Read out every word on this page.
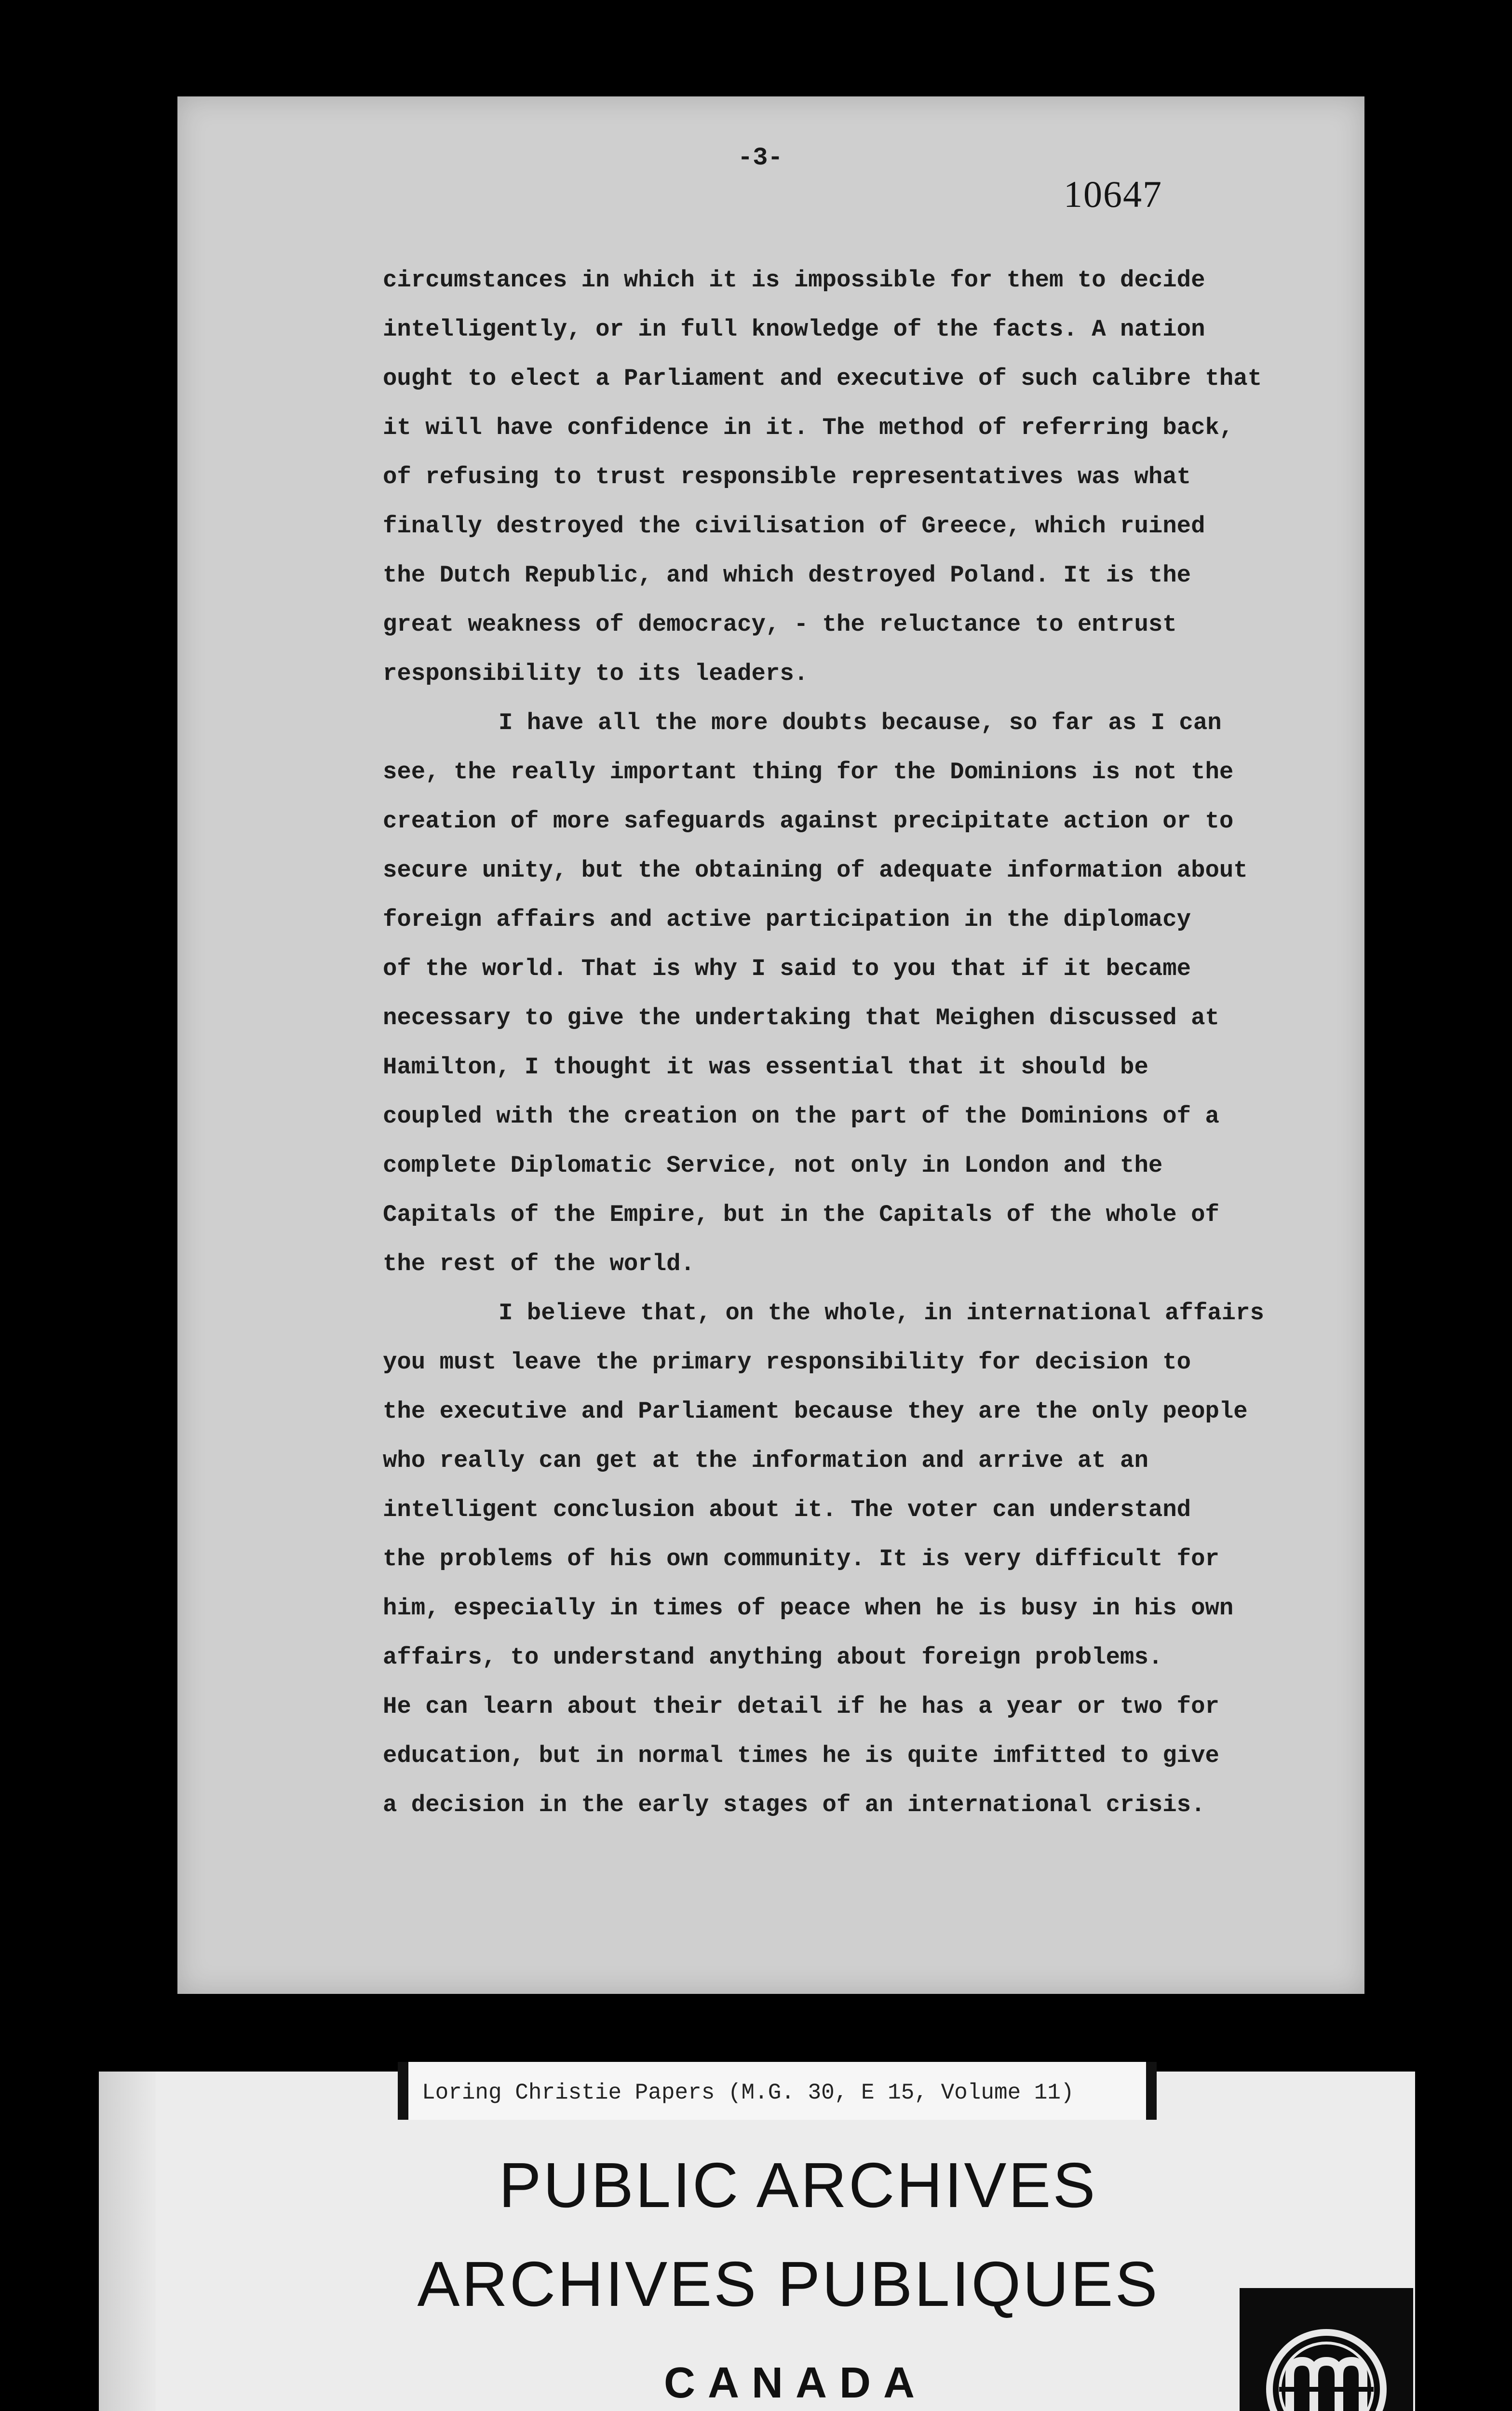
-3-
10647
circumstances in which it is impossible for them to decide
intelligently, or in full knowledge of the facts. A nation
ought to elect a Parliament and executive of such calibre that
it will have confidence in it. The method of referring back,
of refusing to trust responsible representatives was what
finally destroyed the civilisation of Greece, which ruined
the Dutch Republic, and which destroyed Poland. It is the
great weakness of democracy, - the reluctance to entrust
responsibility to its leaders.
I have all the more doubts because, so far as I can
see, the really important thing for the Dominions is not the
creation of more safeguards against precipitate action or to
secure unity, but the obtaining of adequate information about
foreign affairs and active participation in the diplomacy
of the world. That is why I said to you that if it became
necessary to give the undertaking that Meighen discussed at
Hamilton, I thought it was essential that it should be
coupled with the creation on the part of the Dominions of a
complete Diplomatic Service, not only in London and the
Capitals of the Empire, but in the Capitals of the whole of
the rest of the world.
I believe that, on the whole, in international affairs
you must leave the primary responsibility for decision to
the executive and Parliament because they are the only people
who really can get at the information and arrive at an
intelligent conclusion about it. The voter can understand
the problems of his own community. It is very difficult for
him, especially in times of peace when he is busy in his own
affairs, to understand anything about foreign problems.
He can learn about their detail if he has a year or two for
education, but in normal times he is quite imfitted to give
a decision in the early stages of an international crisis.
Loring Christie Papers (M.G. 30, E 15, Volume 11)
PUBLIC ARCHIVES
ARCHIVES PUBLIQUES
CANADA
